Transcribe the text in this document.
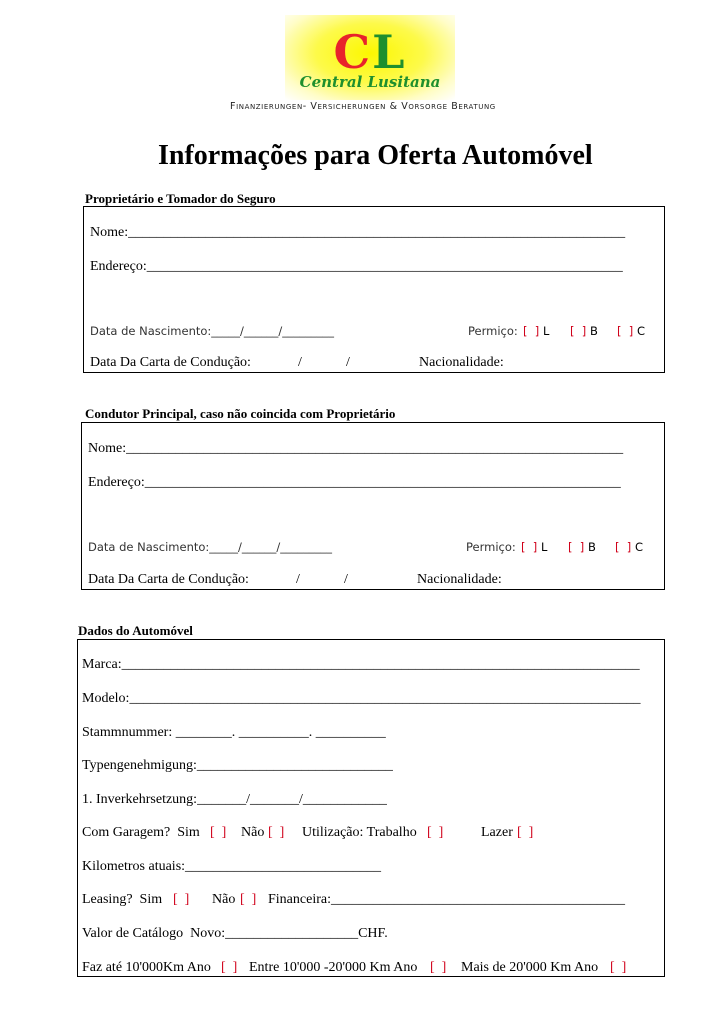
CL
Central Lusitana
Finanzierungen- Versicherungen & Vorsorge Beratung
Informações para Oferta Automóvel
Proprietário e Tomador do Seguro
Nome:_______________________________________________________________________
Endereço:____________________________________________________________________
Data de Nascimento:_____/______/_________	Permiço: [  ] L [  ] B [  ] C
Data Da Carta de Condução:	/	/	Nacionalidade:
Condutor Principal, caso não coincida com Proprietário
Nome:_______________________________________________________________________
Endereço:____________________________________________________________________
Data de Nascimento:_____/______/_________	Permiço: [  ] L [  ] B [  ] C
Data Da Carta de Condução:	/	/	Nacionalidade:
Dados do Automóvel
Marca:__________________________________________________________________________
Modelo:_________________________________________________________________________
Stammnummer: ________. __________. __________
Typengenehmigung:____________________________
1. Inverkehrsetzung:_______/_______/____________
Com Garagem?  Sim [  ] Não [  ] Utilização: Trabalho [  ]	Lazer [  ]
Kilometros atuais:____________________________
Leasing?  Sim [  ] Não [  ] Financeira:__________________________________________
Valor de Catálogo  Novo:___________________CHF.
Faz até 10'000Km Ano [  ] Entre 10'000 -20'000 Km Ano [  ] Mais de 20'000 Km Ano [  ]
